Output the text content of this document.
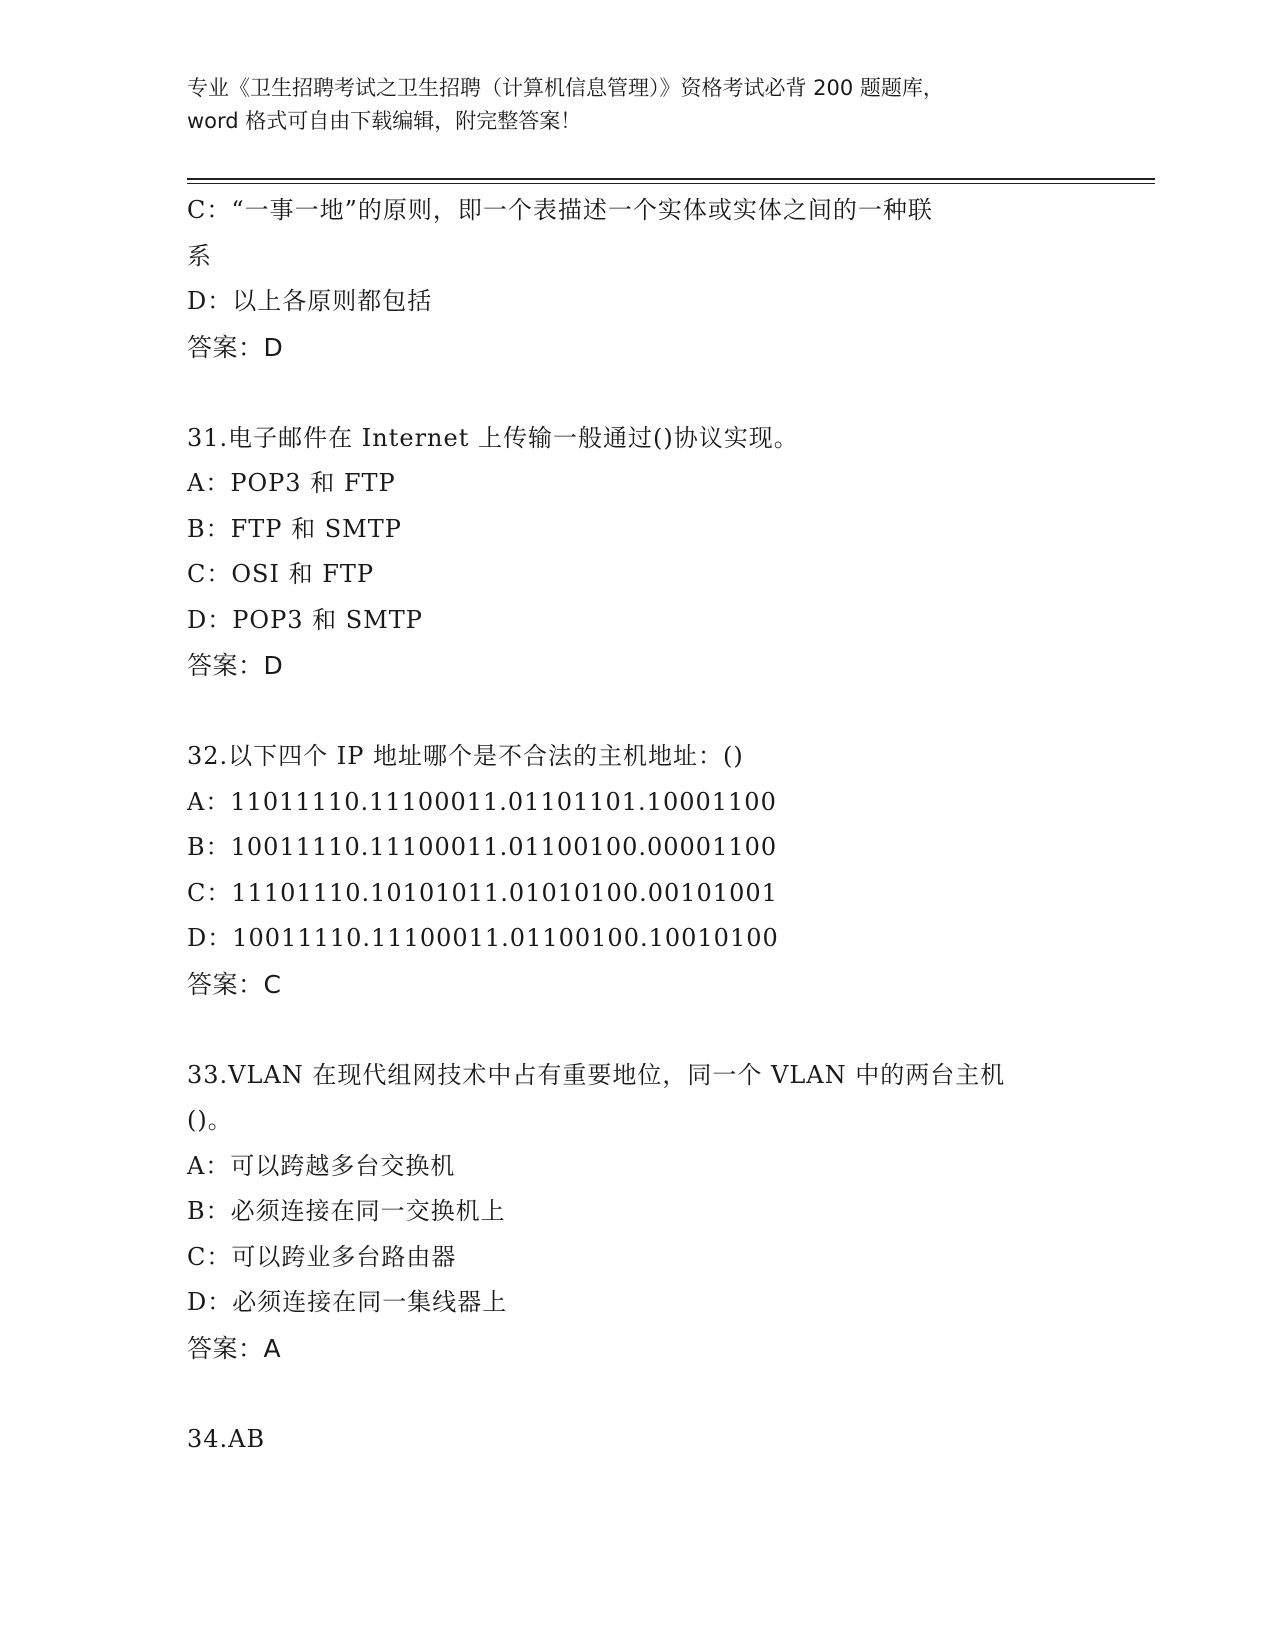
专业《卫生招聘考试之卫生招聘（计算机信息管理）》资格考试必背 200 题题库，
word 格式可自由下载编辑，附完整答案！
C：“一事一地”的原则，即一个表描述一个实体或实体之间的一种联
系
D：以上各原则都包括
答案：D
31.电子邮件在 Internet 上传输一般通过()协议实现。
A：POP3 和 FTP
B：FTP 和 SMTP
C：OSI 和 FTP
D：POP3 和 SMTP
答案：D
32.以下四个 IP 地址哪个是不合法的主机地址：()
A：11011110.11100011.01101101.10001100
B：10011110.11100011.01100100.00001100
C：11101110.10101011.01010100.00101001
D：10011110.11100011.01100100.10010100
答案：C
33.VLAN 在现代组网技术中占有重要地位，同一个 VLAN 中的两台主机
()。
A：可以跨越多台交换机
B：必须连接在同一交换机上
C：可以跨业多台路由器
D：必须连接在同一集线器上
答案：A
34.AB
